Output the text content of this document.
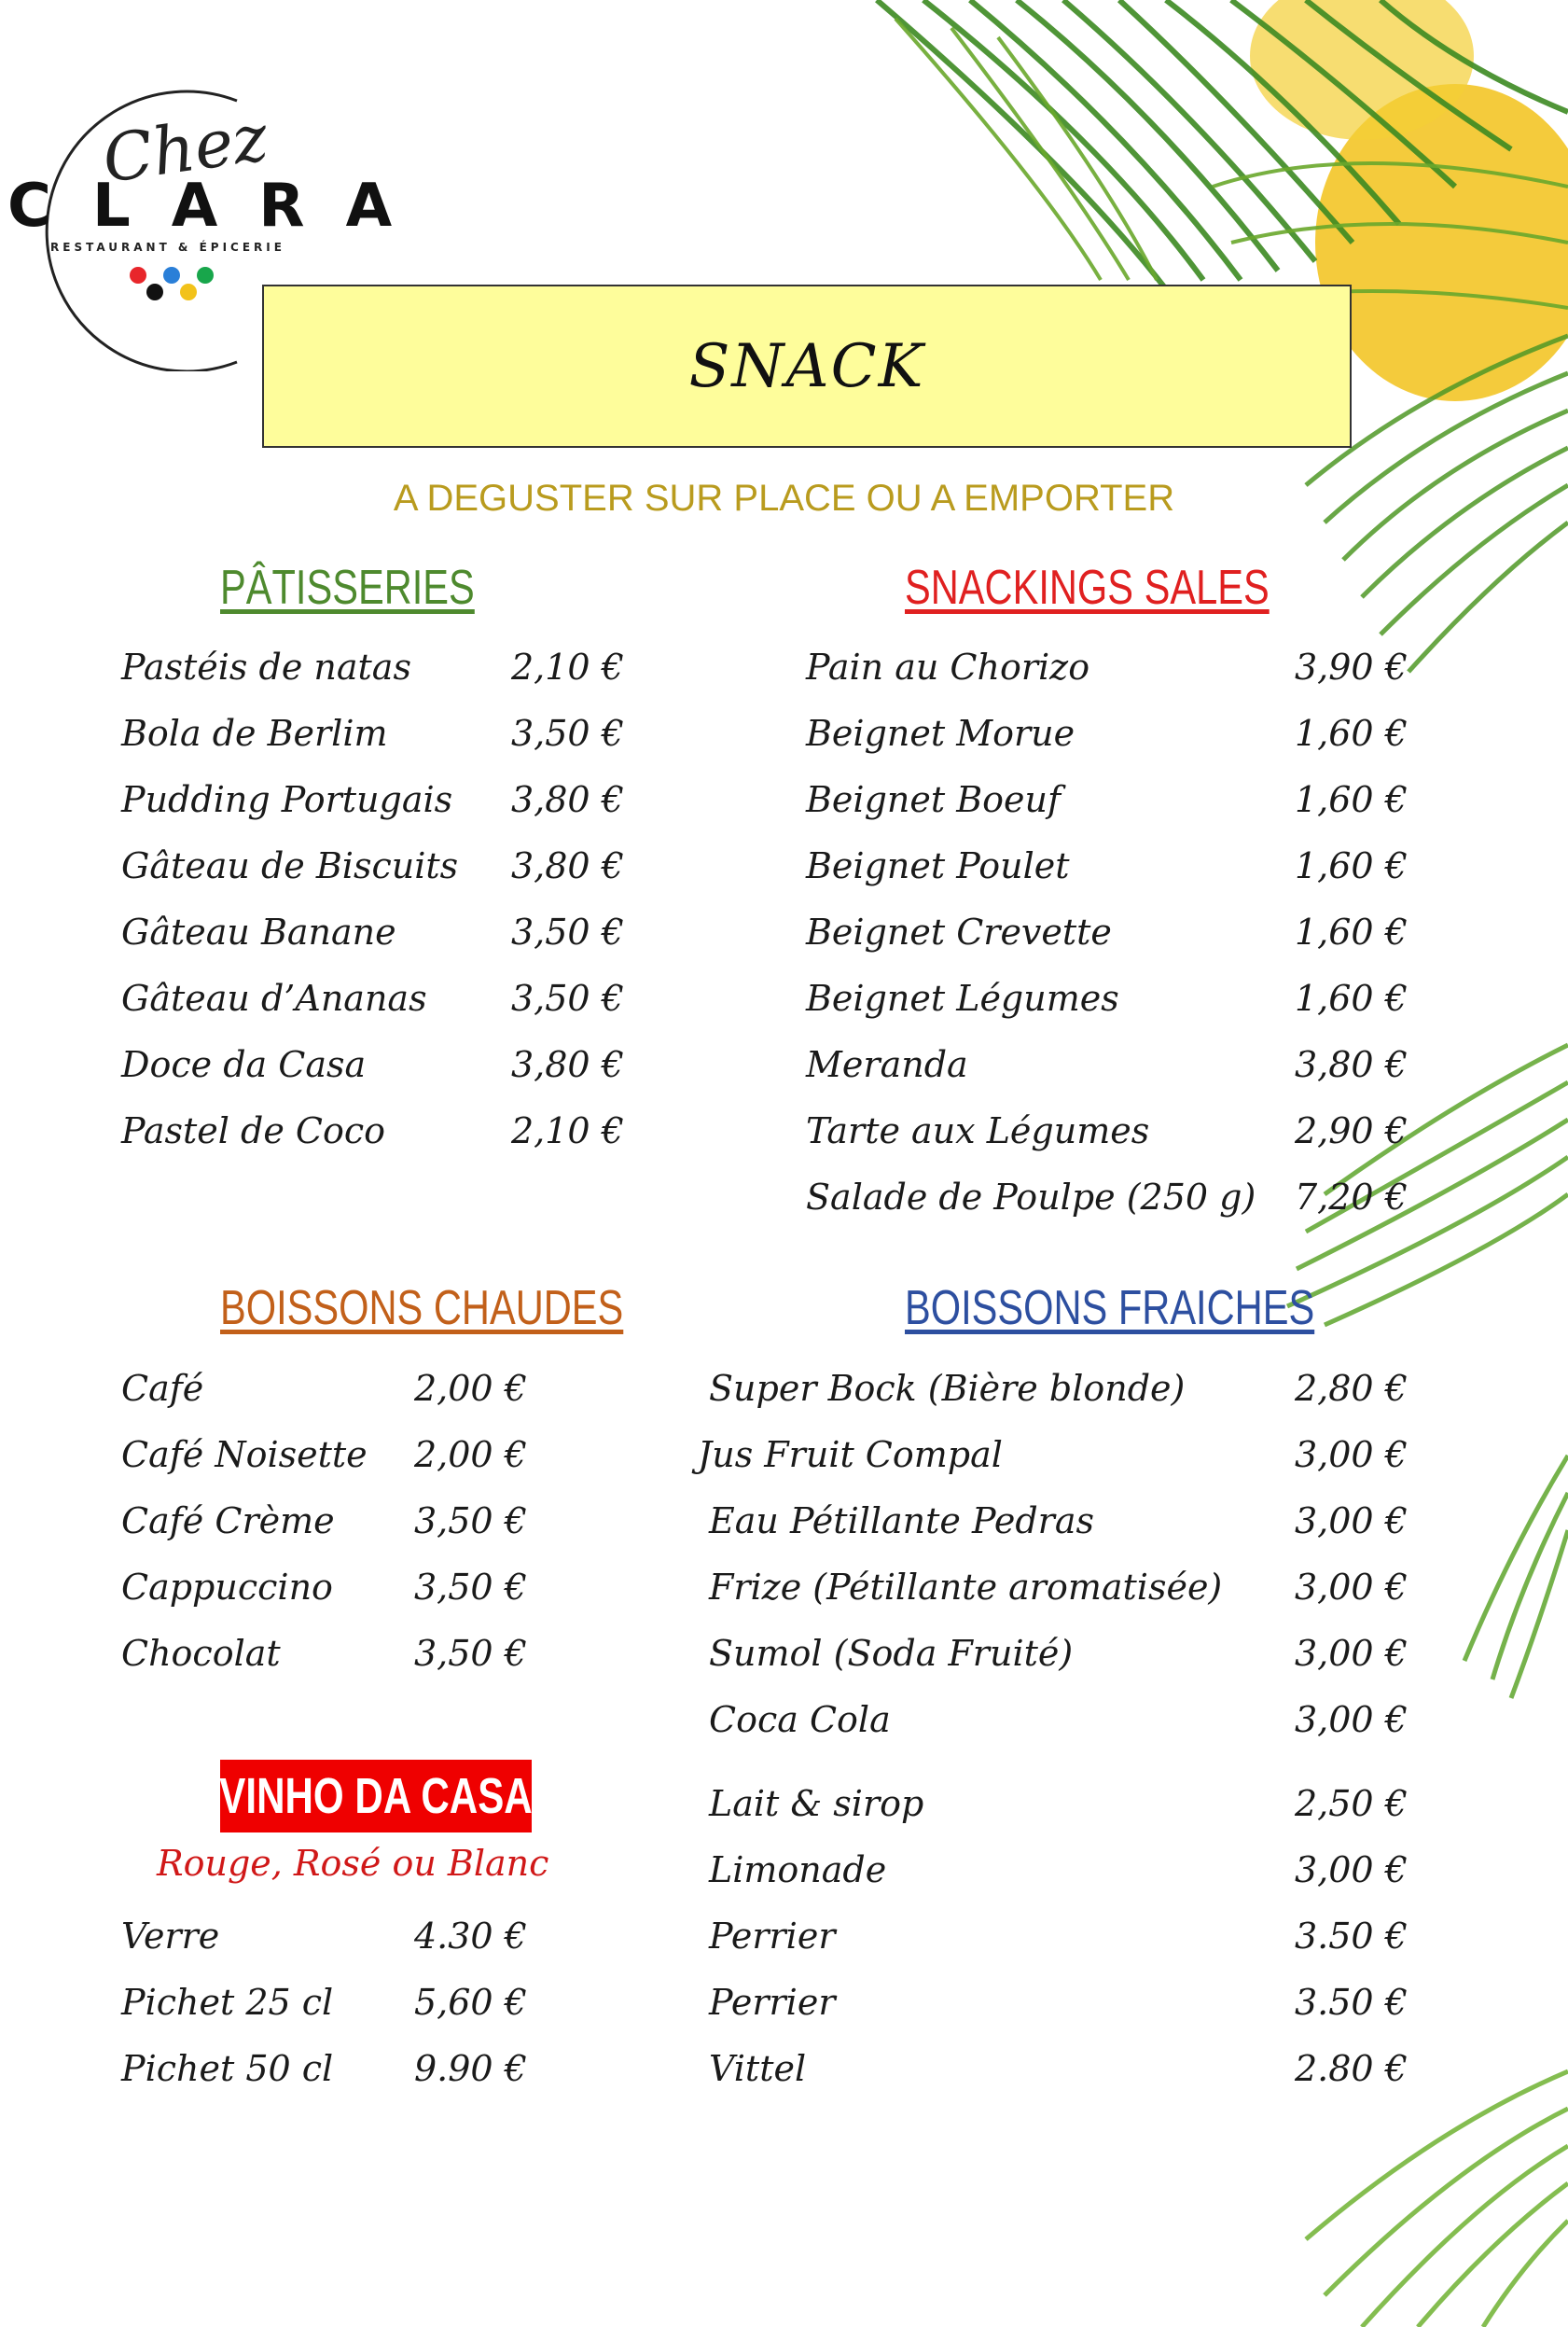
Chez
CLARA
RESTAURANT & ÉPICERIE
SNACK
A DEGUSTER SUR PLACE OU A EMPORTER
PÂTISSERIES	SNACKINGS SALES
BOISSONS CHAUDES	BOISSONS FRAICHES
VINHO DA CASA
Rouge, Rosé ou Blanc
Pastéis de natas	2,10 €
Bola de Berlim	3,50 €
Pudding Portugais 3,80 €
Gâteau de Biscuits 3,80 €
Gâteau Banane	3,50 €
Gâteau d’Ananas 3,50 €
Doce da Casa	3,80 €
Pastel de Coco	2,10 €
Pain au Chorizo	3,90 €
Beignet Morue	1,60 €
Beignet Boeuf	1,60 €
Beignet Poulet	1,60 €
Beignet Crevette	1,60 €
Beignet Légumes	1,60 €
Meranda	3,80 €
Tarte aux Légumes	2,90 €
Salade de Poulpe (250 g) 7,20 €
Café	2,00 €
Café Noisette 2,00 €
Café Crème 3,50 €
Cappuccino 3,50 €
Chocolat	3,50 €
Verre	4.30 €
Pichet 25 cl 5,60 €
Pichet 50 cl 9.90 €
Super Bock (Bière blonde)	2,80 €
Jus Fruit Compal	3,00 €
Eau Pétillante Pedras	3,00 €
Frize (Pétillante aromatisée) 3,00 €
Sumol (Soda Fruité)	3,00 €
Coca Cola	3,00 €
Lait & sirop	2,50 €
Limonade	3,00 €
Perrier	3.50 €
Perrier	3.50 €
Vittel	2.80 €
